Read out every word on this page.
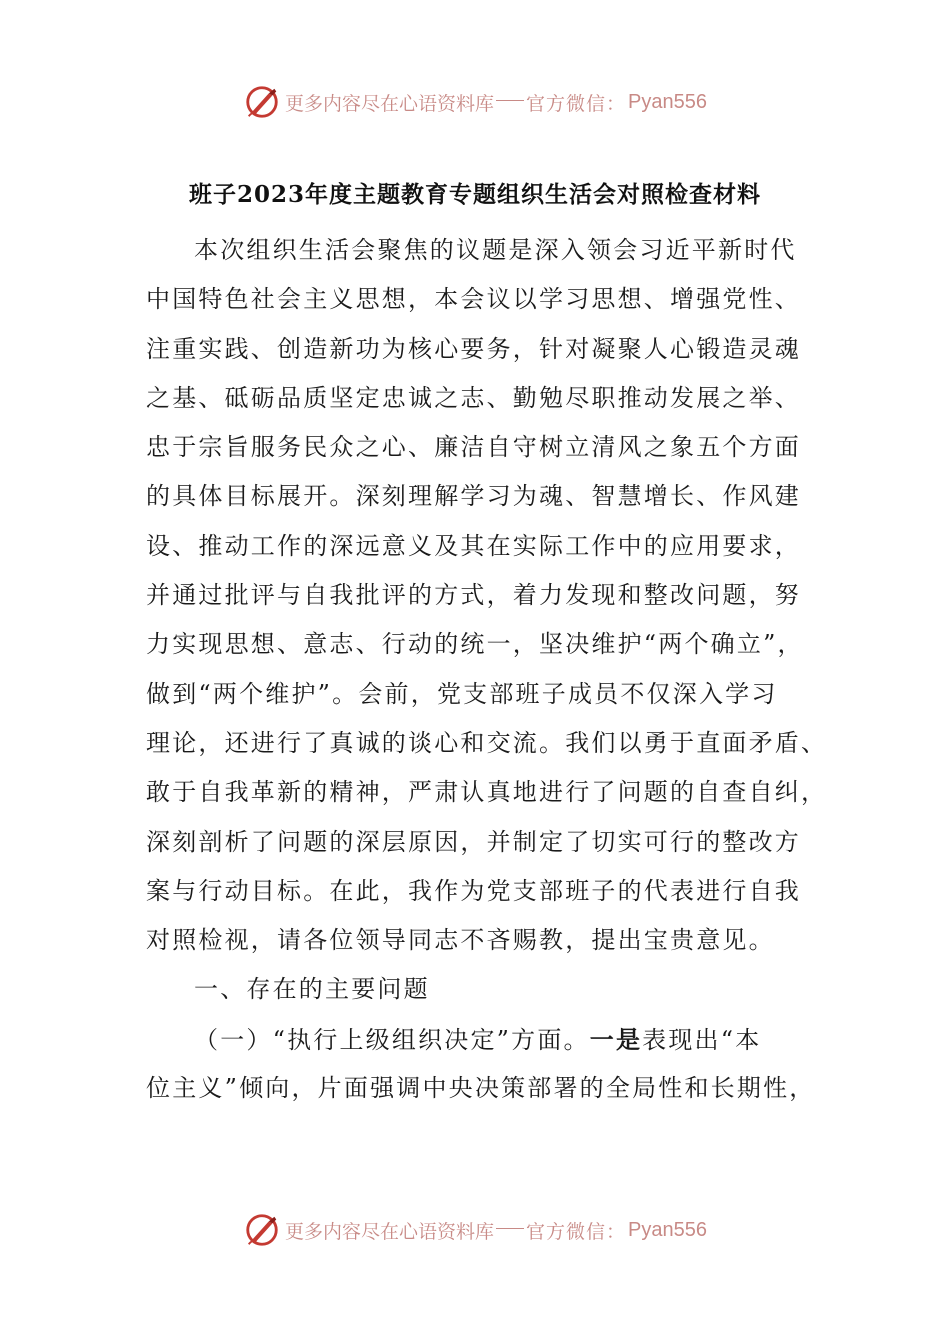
更多内容尽在心语资料库 官方微信： Pyan556
班子2023年度主题教育专题组织生活会对照检查材料
本次组织生活会聚焦的议题是深入领会习近平新时代
中国特色社会主义思想，本会议以学习思想、增强党性、
注重实践、创造新功为核心要务，针对凝聚人心锻造灵魂
之基、砥砺品质坚定忠诚之志、勤勉尽职推动发展之举、
忠于宗旨服务民众之心、廉洁自守树立清风之象五个方面
的具体目标展开。深刻理解学习为魂、智慧增长、作风建
设、推动工作的深远意义及其在实际工作中的应用要求，
并通过批评与自我批评的方式，着力发现和整改问题，努
力实现思想、意志、行动的统一，坚决维护“两个确立”，
做到“两个维护”。会前，党支部班子成员不仅深入学习
理论，还进行了真诚的谈心和交流。我们以勇于直面矛盾、
敢于自我革新的精神，严肃认真地进行了问题的自查自纠，
深刻剖析了问题的深层原因，并制定了切实可行的整改方
案与行动目标。在此，我作为党支部班子的代表进行自我
对照检视，请各位领导同志不吝赐教，提出宝贵意见。
一、存在的主要问题
（一）“执行上级组织决定”方面。一是表现出“本
位主义”倾向，片面强调中央决策部署的全局性和长期性，
更多内容尽在心语资料库 官方微信： Pyan556
